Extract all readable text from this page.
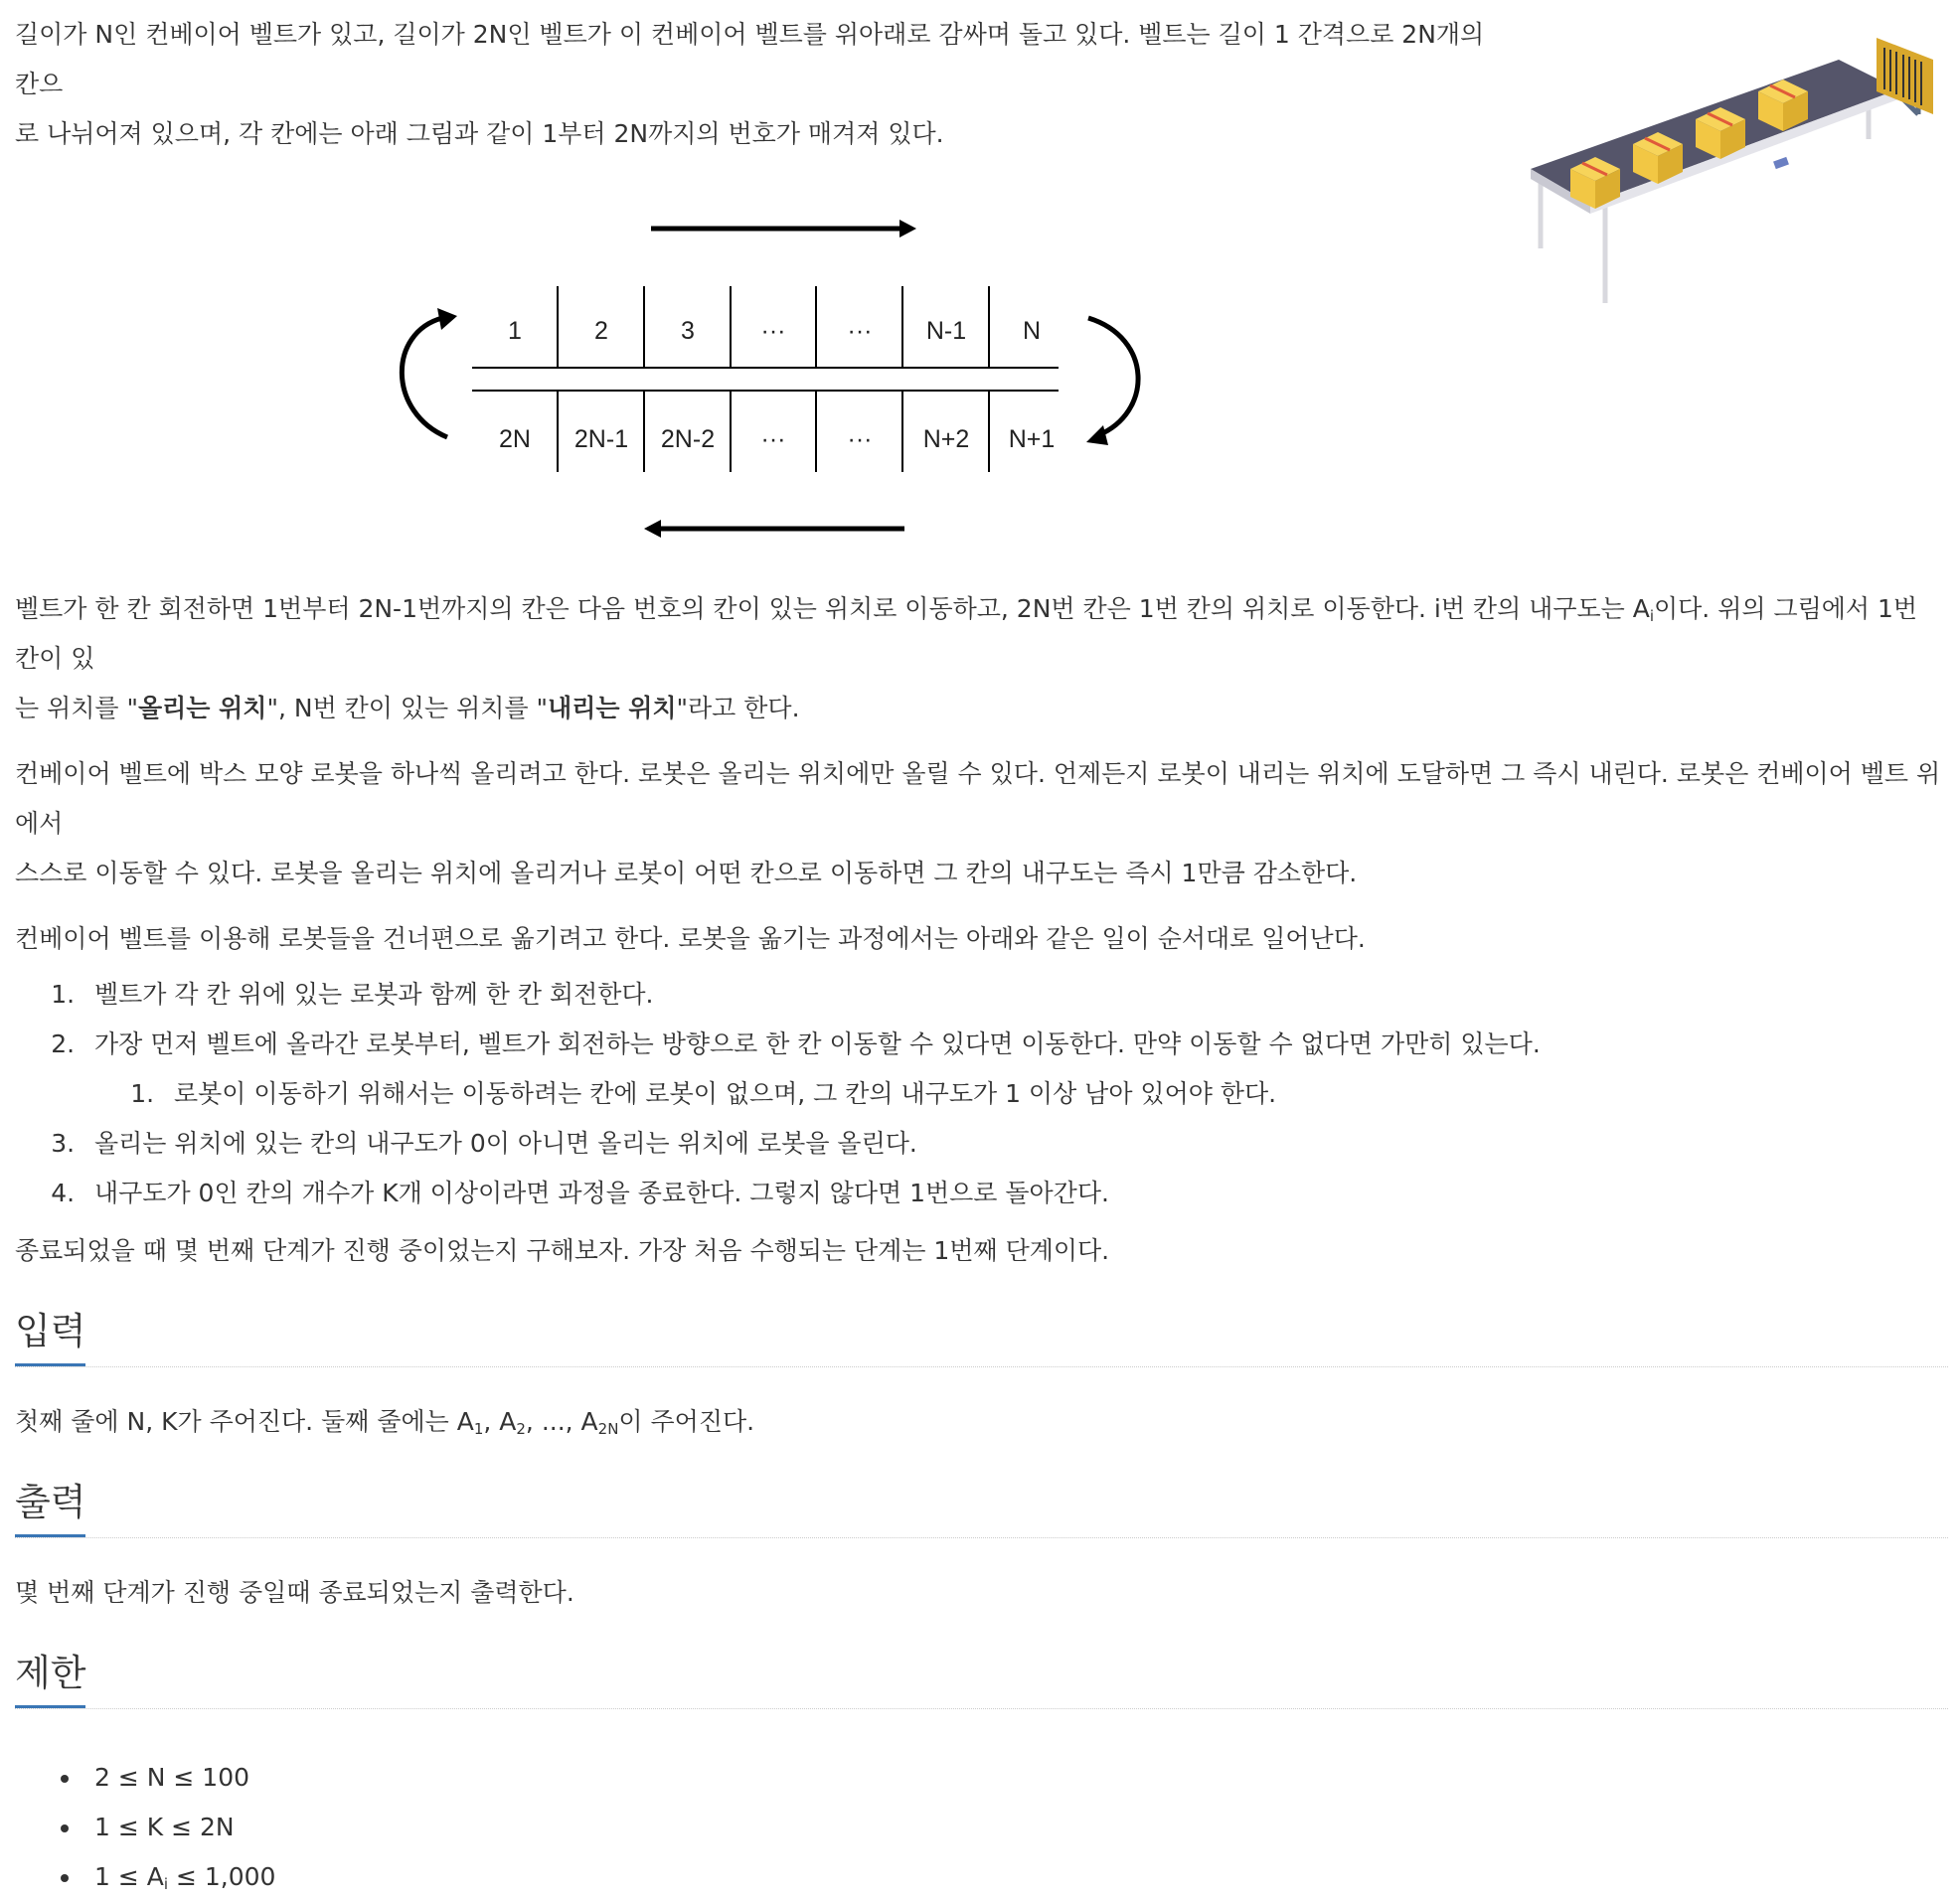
길이가 N인 컨베이어 벨트가 있고, 길이가 2N인 벨트가 이 컨베이어 벨트를 위아래로 감싸며 돌고 있다. 벨트는 길이 1 간격으로 2N개의 칸으
로 나뉘어져 있으며, 각 칸에는 아래 그림과 같이 1부터 2N까지의 번호가 매겨져 있다.
1	2	3	··· ··· N-1 N
2N 2N-1 2N-2 ··· ··· N+2 N+1
벨트가 한 칸 회전하면 1번부터 2N-1번까지의 칸은 다음 번호의 칸이 있는 위치로 이동하고, 2N번 칸은 1번 칸의 위치로 이동한다. i번 칸의 내구도는 $A_i$이다. 위의 그림에서 1번 칸이 있
는 위치를 "올리는 위치", N번 칸이 있는 위치를 "내리는 위치"라고 한다.
컨베이어 벨트에 박스 모양 로봇을 하나씩 올리려고 한다. 로봇은 올리는 위치에만 올릴 수 있다. 언제든지 로봇이 내리는 위치에 도달하면 그 즉시 내린다. 로봇은 컨베이어 벨트 위에서
스스로 이동할 수 있다. 로봇을 올리는 위치에 올리거나 로봇이 어떤 칸으로 이동하면 그 칸의 내구도는 즉시 1만큼 감소한다.
컨베이어 벨트를 이용해 로봇들을 건너편으로 옮기려고 한다. 로봇을 옮기는 과정에서는 아래와 같은 일이 순서대로 일어난다.
1. 벨트가 각 칸 위에 있는 로봇과 함께 한 칸 회전한다.
2. 가장 먼저 벨트에 올라간 로봇부터, 벨트가 회전하는 방향으로 한 칸 이동할 수 있다면 이동한다. 만약 이동할 수 없다면 가만히 있는다.
1. 로봇이 이동하기 위해서는 이동하려는 칸에 로봇이 없으며, 그 칸의 내구도가 1 이상 남아 있어야 한다.
3. 올리는 위치에 있는 칸의 내구도가 0이 아니면 올리는 위치에 로봇을 올린다.
4. 내구도가 0인 칸의 개수가 K개 이상이라면 과정을 종료한다. 그렇지 않다면 1번으로 돌아간다.
종료되었을 때 몇 번째 단계가 진행 중이었는지 구해보자. 가장 처음 수행되는 단계는 1번째 단계이다.
입력
첫째 줄에 N, K가 주어진다. 둘째 줄에는 $A_1$, $A_2$, ..., $A_{2N}$이 주어진다.
출력
몇 번째 단계가 진행 중일때 종료되었는지 출력한다.
제한
• 2 ≤ N ≤ 100
• 1 ≤ K ≤ 2N
• $1 \le A_i \le 1,000$
